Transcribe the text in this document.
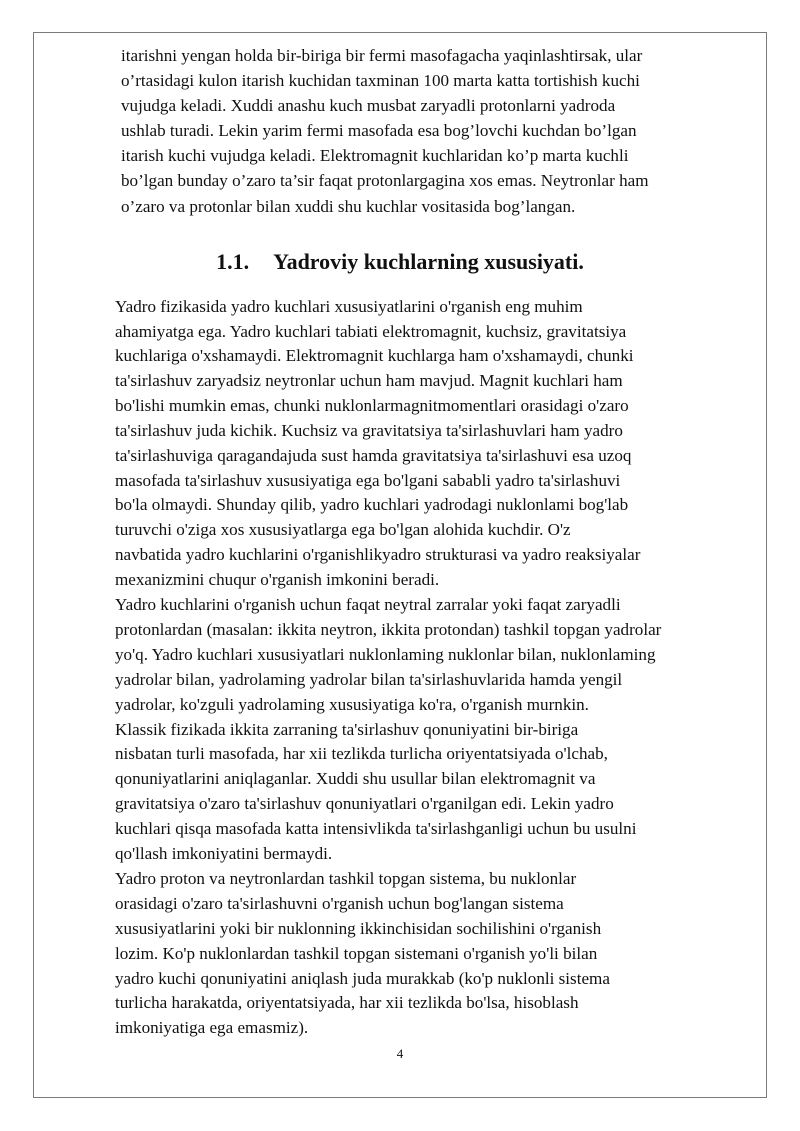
itarishni yengan holda bir-biriga bir fermi masofagacha yaqinlashtirsak, ular
o’rtasidagi kulon itarish kuchidan taxminan 100 marta katta tortishish kuchi
vujudga keladi. Xuddi anashu kuch musbat zaryadli protonlarni yadroda
ushlab turadi. Lekin yarim fermi masofada esa bog’lovchi kuchdan bo’lgan
itarish kuchi vujudga keladi. Elektromagnit kuchlaridan ko’p marta kuchli
bo’lgan bunday o’zaro ta’sir faqat protonlargagina xos emas. Neytronlar ham
o’zaro va protonlar bilan xuddi shu kuchlar vositasida bog’langan.
1.1. Yadroviy kuchlarning xususiyati.
Yadro fizikasida yadro kuchlari xususiyatlarini o'rganish eng muhim
ahamiyatga ega. Yadro kuchlari tabiati elektromagnit, kuchsiz, gravitatsiya
kuchlariga o'xshamaydi. Elektromagnit kuchlarga ham o'xshamaydi, chunki
ta'sirlashuv zaryadsiz neytronlar uchun ham mavjud. Magnit kuchlari ham
bo'lishi mumkin emas, chunki nuklonlarmagnitmomentlari orasidagi o'zaro
ta'sirlashuv juda kichik. Kuchsiz va gravitatsiya ta'sirlashuvlari ham yadro
ta'sirlashuviga qaragandajuda sust hamda gravitatsiya ta'sirlashuvi esa uzoq
masofada ta'sirlashuv xususiyatiga ega bo'lgani sababli yadro ta'sirlashuvi
bo'la olmaydi. Shunday qilib, yadro kuchlari yadrodagi nuklonlami bog'lab
turuvchi o'ziga xos xususiyatlarga ega bo'lgan alohida kuchdir. O'z
navbatida yadro kuchlarini o'rganishlikyadro strukturasi va yadro reaksiyalar
mexanizmini chuqur o'rganish imkonini beradi.
Yadro kuchlarini o'rganish uchun faqat neytral zarralar yoki faqat zaryadli
protonlardan (masalan: ikkita neytron, ikkita protondan) tashkil topgan yadrolar
yo'q. Yadro kuchlari xususiyatlari nuklonlaming nuklonlar bilan, nuklonlaming
yadrolar bilan, yadrolaming yadrolar bilan ta'sirlashuvlarida hamda yengil
yadrolar, ko'zguli yadrolaming xususiyatiga ko'ra, o'rganish murnkin.
Klassik fizikada ikkita zarraning ta'sirlashuv qonuniyatini bir-biriga
nisbatan turli masofada, har xii tezlikda turlicha oriyentatsiyada o'lchab,
qonuniyatlarini aniqlaganlar. Xuddi shu usullar bilan elektromagnit va
gravitatsiya o'zaro ta'sirlashuv qonuniyatlari o'rganilgan edi. Lekin yadro
kuchlari qisqa masofada katta intensivlikda ta'sirlashganligi uchun bu usulni
qo'llash imkoniyatini bermaydi.
Yadro proton va neytronlardan tashkil topgan sistema, bu nuklonlar
orasidagi o'zaro ta'sirlashuvni o'rganish uchun bog'langan sistema
xususiyatlarini yoki bir nuklonning ikkinchisidan sochilishini o'rganish
lozim. Ko'p nuklonlardan tashkil topgan sistemani o'rganish yo'li bilan
yadro kuchi qonuniyatini aniqlash juda murakkab (ko'p nuklonli sistema
turlicha harakatda, oriyentatsiyada, har xii tezlikda bo'lsa, hisoblash
imkoniyatiga ega emasmiz).
4
